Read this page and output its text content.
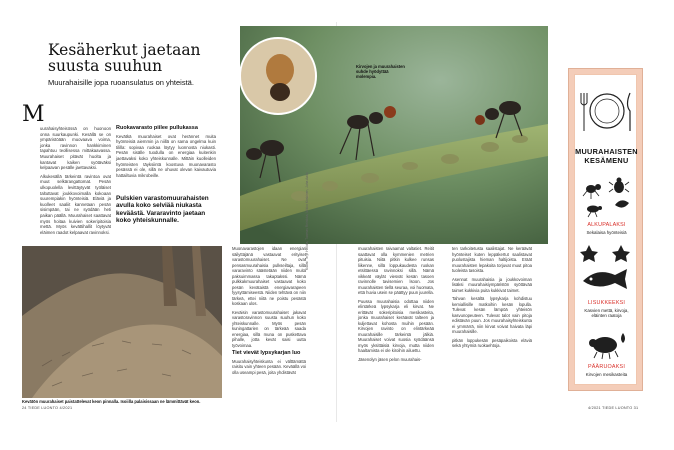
Kesäherkut jaetaan suusta suuhun
Muurahaisille jopa ruoansulatus on yhteistä.
M

uurahaisyhteisössä on huonoon onna suurkaupunki. Kesällä se on ympäristöään muovaava voima, jonka ravinnon hankkiminen tapahtuu teollisessa mittakaavassa. Muurahaiset pitävät huolta ja kantavat kaiken syötäväksi kelpaavan pesälle jaettavaksi.

Alkukesällä tärkeintä ravintoa ovat muut selkärangattomat. Pesän ulkopuolella levittäytyvät työläiset taltuttavat joukkovoimalla kokoaan suurempiakin hyönteisiä. Eläviä ja kuolleet saaliit kannetaan pesän sisimpään, tai ne syödään heti paikan päällä. Muurahaiset saattavat myös hoitaa kuivien sokeripitoisia mettä. Myös kevättihallit löytyvät eläimen raadot kelpaavat ravinnoksi.

Ruokavarasto piilee pullukassa

Kevätkä muurahaiset ovat herännet muita hyönteisiä aiemmin ja niillä on sama ongelma kuin tililla: sopivaa ruokaa löytyy luonnosta niukasti. Pesän sisälle tuodulla on energiaa kuitenkin jaettavaksi koko yhteiskunnalle. Mittäin kuolleiden hyönteisten täyksiintä koostuva muonavarasto pesässä ei ole, sillä ne ohuvat olevan kaivautuvia hattailtuvia mikrobeille.

Pulskien varastomuurahaisten avulla koko selviää niukasta keväästä. Vararavinto jaetaan koko yhteiskunnalle.
Kirvojen ja muurahaisten
suhde hyödyttää
molempia.
Kevätön muurahaiset paistattelevat keon pinnalla. Isoiilla palaisissaan ne lämmittävät keon.

Muonavarastojen idaan energian säilyttäjänä vastaavat erityiset varastomuurahaiset. Ne ovat pensasmuurahaisia pulkseiltaja, sillä vararavinto säästetään niiden muita paksuimmassa takaptakssi. Nämä pulkkakmuurahaiset vastaavat koko pesän kevätaistä energiavarapeen fyysyttämiseestä. Niiden tehtävä on niin tärkeä, ettei niitä ne poistu pesästä koskaan ulos.

Keväisin varastomuurahaiset jakavat varastoravinnon suusta suuhun koko yhteiskunnalle. Myös pesän kuningattarien on tärkeää saada energiaa, sillä muna on puskettava pihalle, jotta kevät saisi uutta työvoimaa.

Tiet vievät lypsykarjan luo

Muurahaisyhteiskunta ei välttämättä raisitu vain yhteen pesään. Keväällä voi olla useampi pesä, joita yhdistävät

Kuvat: Terje Heikka, Tuomas Reinikka, Mikko Koskinen, Juha Aalto	muurahaisten raivaamat valtatiet. Reitit saattavat olla kymmenien metrien pituisia. Niitä pitkin kulkee runsas liikenne, sillä loppukaudesta ruokan etsittäessä ravinnoksi sillä. Nämä vikkeät väylät viesvät kesän tasoen ravinnolle tavisemien lsoon. Jos muurahaisten tiellä seuraa, voi huomata, että huvia usein se päättyy puun juurella.

Puussa muurahaisia odottaa niiden elintärkeä lypsykarja eli kirvat. Ne erittävät sokeripitoisia mesikasteita, jonka muurahaiset keräävät talteen ja kuljettavat kohosta muihin pesään. Kirvojen ravinto on elintärkeää muurahaisille tärkeintä jälkiä. Muurahaiset voivat suosia syödäänsä myös yksittäisiä kirvoja, mutta niiden haaltamista ei ole kiroihin ailuettu.

Jäsenolyn jäsen pelon muurahais-

ten tarkoitetusta saalistajat. Ne keräävät hyönteiset kuten leppäkertut saalistavat puolustajista hieman haltijoista. Eräät muurahaisten lepakoita torjuvat muut pitoa tuoleista tasoista.

Asennat muurahaisia ja joukkovoiman lisäksi muurahaisiympäristön syöttävää taimet kukkivia puita kukkivat taimet.

Tahvan kesältä lypsykarja kohdistuu kemiallisille matkoihin kesän lopulla. Tulevat kesän lämpöä yhteisön kasvunopeuteen. Tulevat talot vain pitoja edistävän puun. Jos muurahaisyhteiskunta ei ymmärrä, niin kirvat voivat haivata läpi muurahaisille.

pitkän loppukesän pesäpaikoista eläviä sekä yhtymiä ruokaehtoja.

MUURAHAISTEN
KESÄMENU
ALKUPALAKSI
Sekalaisa hyönteisiä
LISUKKEEKSI
Kasvien mettä, kirvoja, eläinten raatoja
PÄÄRUOAKSI
Kirvojen mesikasteita
24 TIEDE LUONTO 4/2021	4/2021 TIEDE LUONTO 31
